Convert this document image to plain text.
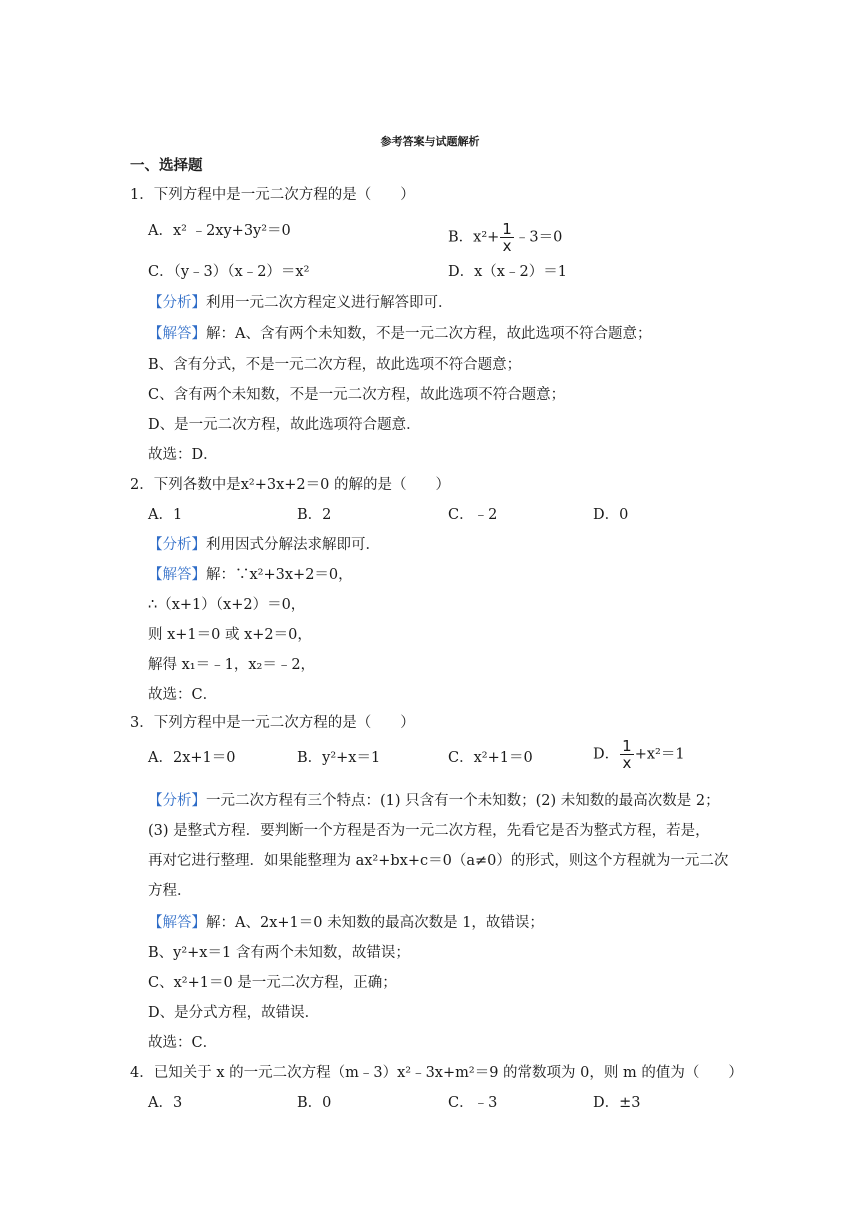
参考答案与试题解析
一、选择题
1．下列方程中是一元二次方程的是（　　）
A．x² ﹣2xy+3y²＝0	B．$x^2+ \frac{1}{x}$ ﹣3＝0
C．（y﹣3）（x﹣2）＝x²	D．x（x﹣2）＝1
【分析】利用一元二次方程定义进行解答即可．
【解答】解：A、含有两个未知数，不是一元二次方程，故此选项不符合题意；
B、含有分式，不是一元二次方程，故此选项不符合题意；
C、含有两个未知数，不是一元二次方程，故此选项不符合题意；
D、是一元二次方程，故此选项符合题意．
故选：D．
2．下列各数中是x²+3x+2＝0 的解的是（　　）
A．1	B．2	C．﹣2	D．0
【分析】利用因式分解法求解即可．
【解答】解：∵x²+3x+2＝0，
∴（x+1）（x+2）＝0，
则 x+1＝0 或 x+2＝0，
解得 x₁＝﹣1，x₂＝﹣2，
故选：C．
3．下列方程中是一元二次方程的是（　　）
A．2x+1＝0	B．y²+x＝1	C．x²+1＝0	D． $\frac{1}{x} +x^2=1$
【分析】一元二次方程有三个特点：(1) 只含有一个未知数；(2) 未知数的最高次数是 2；
(3) 是整式方程．要判断一个方程是否为一元二次方程，先看它是否为整式方程，若是，
再对它进行整理．如果能整理为 ax²+bx+c＝0（a≠0）的形式，则这个方程就为一元二次
方程．
【解答】解：A、2x+1＝0 未知数的最高次数是 1，故错误；
B、y²+x＝1 含有两个未知数，故错误；
C、x²+1＝0 是一元二次方程，正确；
D、是分式方程，故错误．
故选：C．
4．已知关于 x 的一元二次方程（m﹣3）x²﹣3x+m²＝9 的常数项为 0，则 m 的值为（　　）
A．3	B．0	C．﹣3	D．±3
